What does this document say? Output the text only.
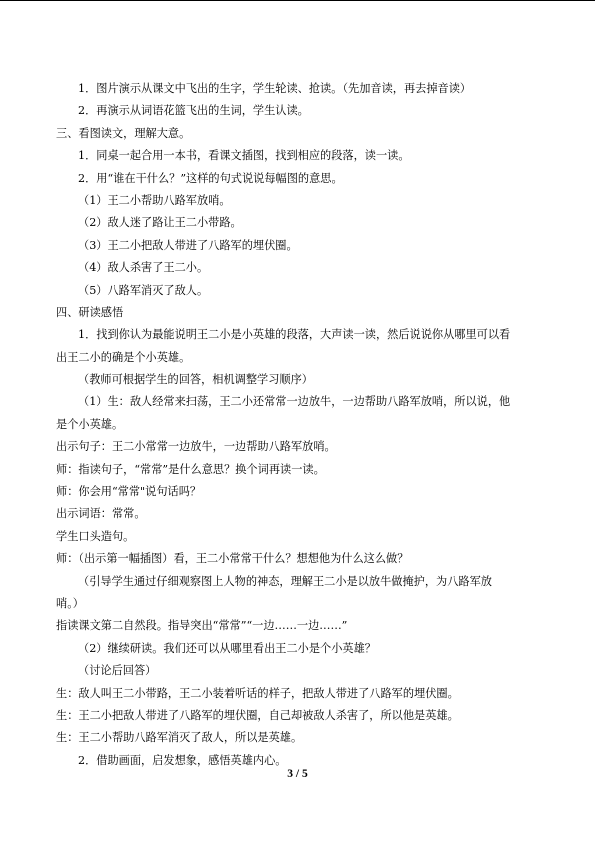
1．图片演示从课文中飞出的生字，学生轮读、抢读。（先加音读，再去掉音读）
2．再演示从词语花篮飞出的生词，学生认读。
三、看图读文，理解大意。
1．同桌一起合用一本书，看课文插图，找到相应的段落，读一读。
2．用“谁在干什么？”这样的句式说说每幅图的意思。
（1）王二小帮助八路军放哨。
（2）敌人迷了路让王二小带路。
（3）王二小把敌人带进了八路军的埋伏圈。
（4）敌人杀害了王二小。
（5）八路军消灭了敌人。
四、研读感悟
1．找到你认为最能说明王二小是小英雄的段落，大声读一读，然后说说你从哪里可以看
出王二小的确是个小英雄。
（教师可根据学生的回答，相机调整学习顺序）
（1）生：敌人经常来扫荡，王二小还常常一边放牛，一边帮助八路军放哨，所以说，他
是个小英雄。
出示句子：王二小常常一边放牛，一边帮助八路军放哨。
师：指读句子，“常常”是什么意思？换个词再读一读。
师：你会用“常常"说句话吗？
出示词语：常常。
学生口头造句。
师：（出示第一幅插图）看，王二小常常干什么？想想他为什么这么做？
（引导学生通过仔细观察图上人物的神态，理解王二小是以放牛做掩护，为八路军放
哨。）
指读课文第二自然段。指导突出“常常”“一边……一边……”
（2）继续研读。我们还可以从哪里看出王二小是个小英雄？
（讨论后回答）
生：敌人叫王二小带路，王二小装着听话的样子，把敌人带进了八路军的埋伏圈。
生：王二小把敌人带进了八路军的埋伏圈，自己却被敌人杀害了，所以他是英雄。
生：王二小帮助八路军消灭了敌人，所以是英雄。
2．借助画面，启发想象，感悟英雄内心。
3 / 5
